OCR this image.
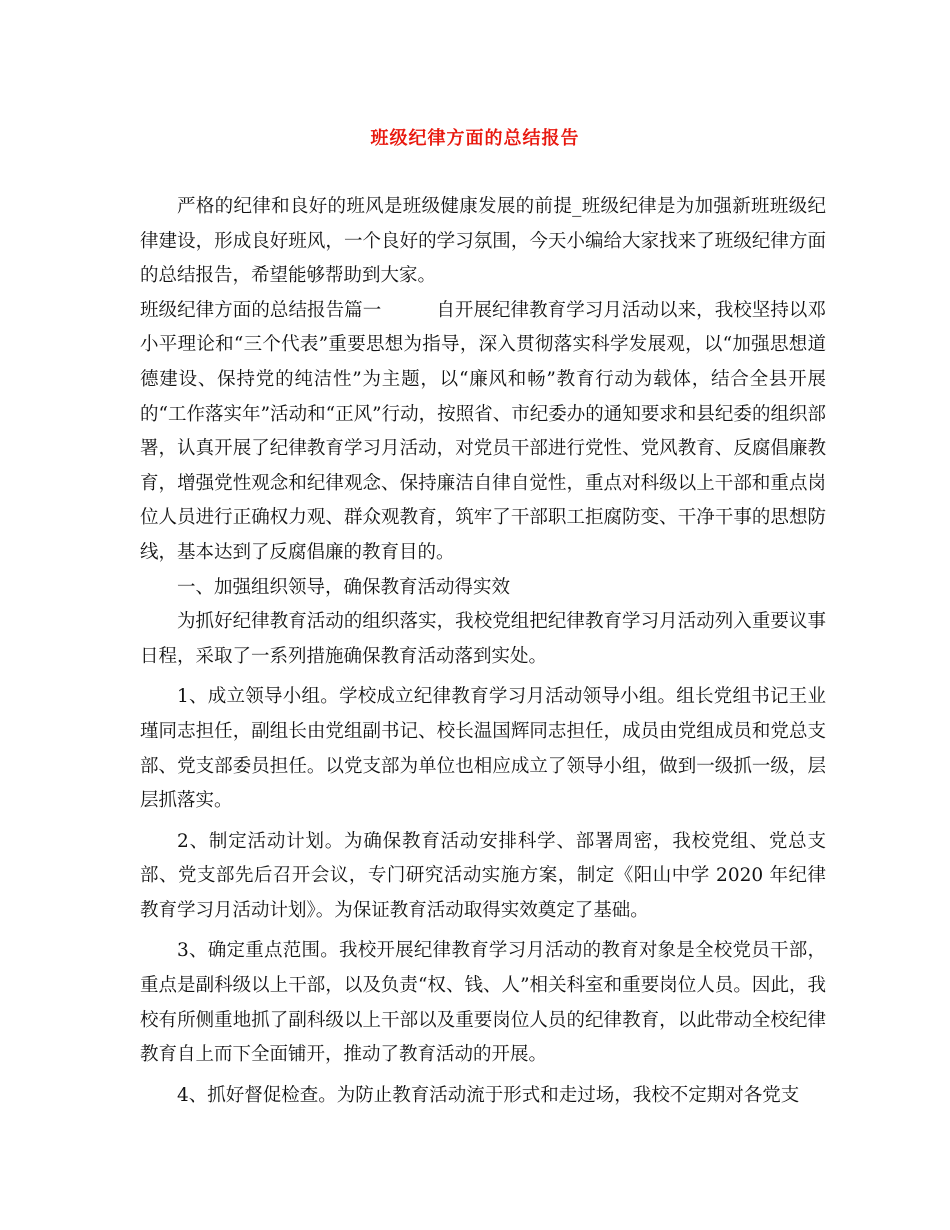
班级纪律方面的总结报告

严格的纪律和良好的班风是班级健康发展的前提_班级纪律是为加强新班班级纪律建设，形成良好班风，一个良好的学习氛围，今天小编给大家找来了班级纪律方面的总结报告，希望能够帮助到大家。

班级纪律方面的总结报告篇一	自开展纪律教育学习月活动以来，我校坚持以邓小平理论和“三个代表”重要思想为指导，深入贯彻落实科学发展观，以“加强思想道德建设、保持党的纯洁性”为主题，以“廉风和畅”教育行动为载体，结合全县开展的“工作落实年”活动和“正风”行动，按照省、市纪委办的通知要求和县纪委的组织部署，认真开展了纪律教育学习月活动，对党员干部进行党性、党风教育、反腐倡廉教育，增强党性观念和纪律观念、保持廉洁自律自觉性，重点对科级以上干部和重点岗位人员进行正确权力观、群众观教育，筑牢了干部职工拒腐防变、干净干事的思想防线，基本达到了反腐倡廉的教育目的。

一、加强组织领导，确保教育活动得实效

为抓好纪律教育活动的组织落实，我校党组把纪律教育学习月活动列入重要议事日程，采取了一系列措施确保教育活动落到实处。

1、成立领导小组。学校成立纪律教育学习月活动领导小组。组长党组书记王业瑾同志担任，副组长由党组副书记、校长温国辉同志担任，成员由党组成员和党总支部、党支部委员担任。以党支部为单位也相应成立了领导小组，做到一级抓一级，层层抓落实。

2、制定活动计划。为确保教育活动安排科学、部署周密，我校党组、党总支部、党支部先后召开会议，专门研究活动实施方案，制定《阳山中学 2020 年纪律教育学习月活动计划》。为保证教育活动取得实效奠定了基础。

3、确定重点范围。我校开展纪律教育学习月活动的教育对象是全校党员干部，重点是副科级以上干部，以及负责“权、钱、人”相关科室和重要岗位人员。因此，我校有所侧重地抓了副科级以上干部以及重要岗位人员的纪律教育，以此带动全校纪律教育自上而下全面铺开，推动了教育活动的开展。

4、抓好督促检查。为防止教育活动流于形式和走过场，我校不定期对各党支
